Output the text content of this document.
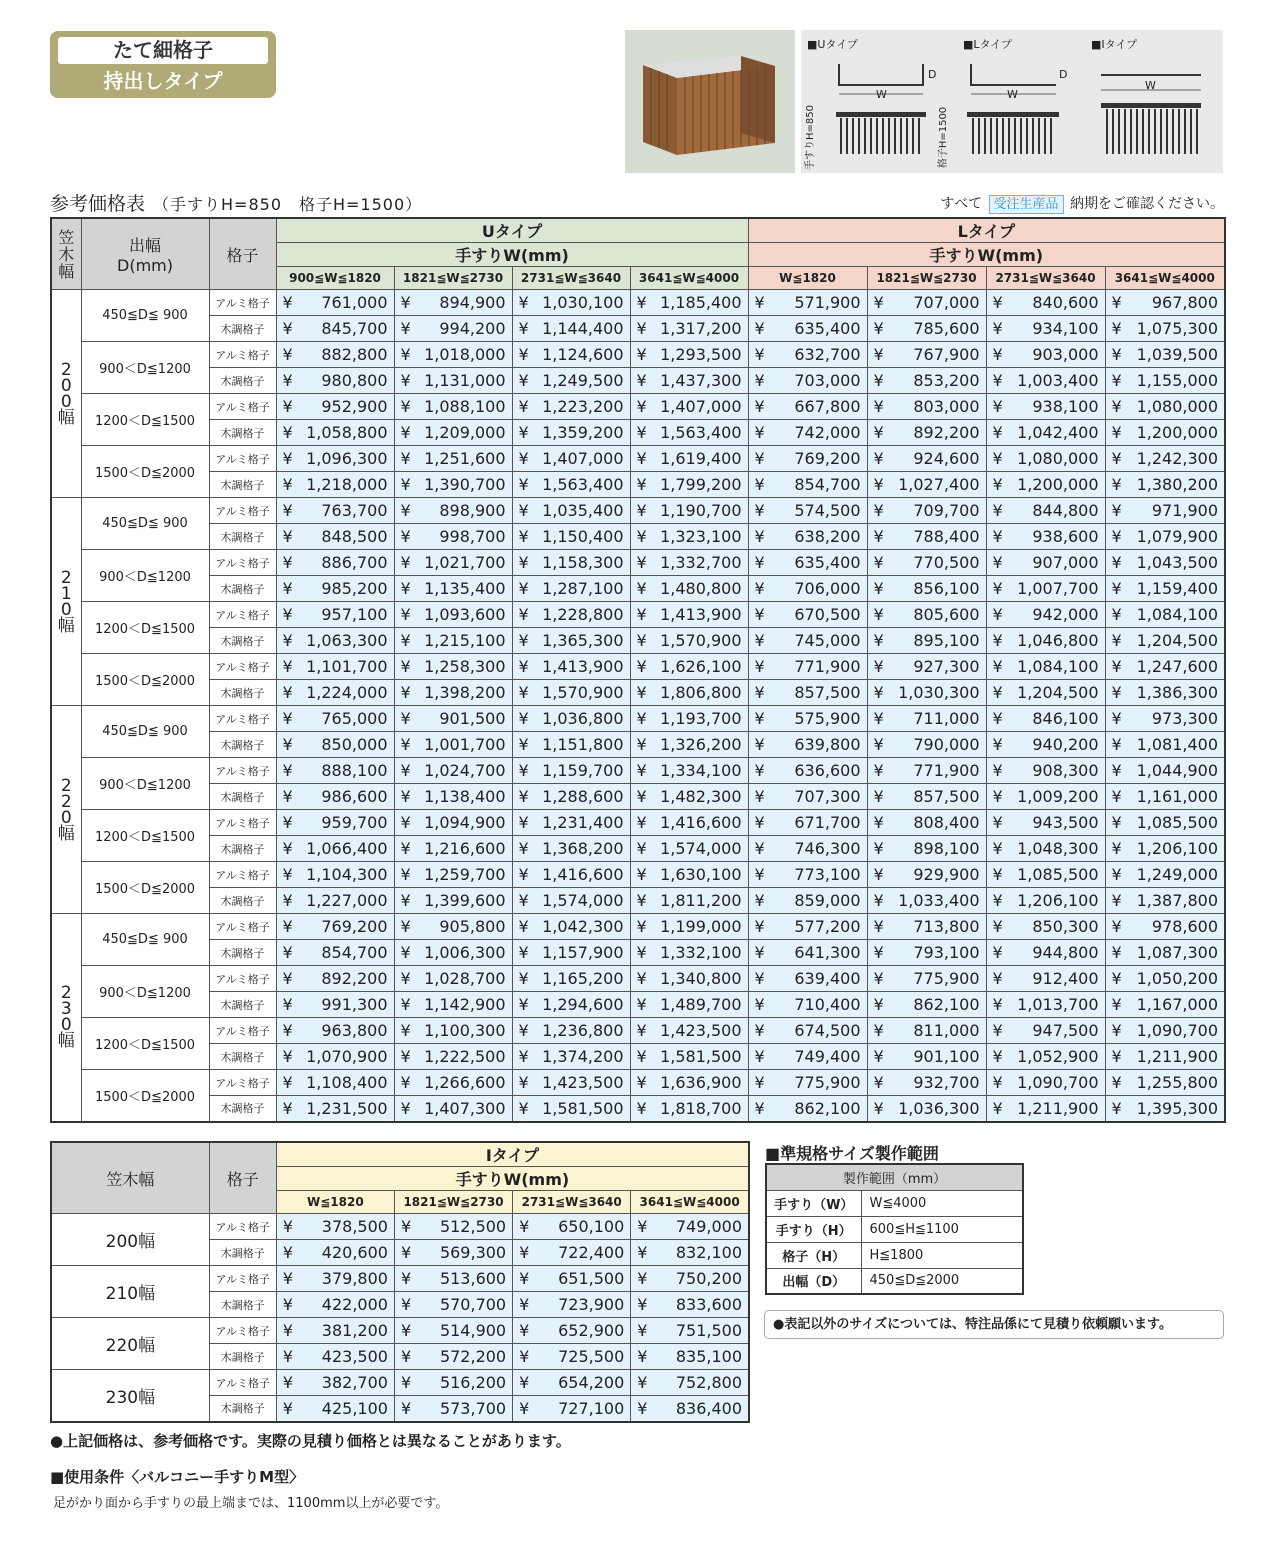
たて細格子
持出しタイプ
■Uタイプ	■Lタイプ	■Ⅰタイプ
W
D
W
D
W
手すりH=850	格子H=1500
参考価格表 （手すりH=850　格子H=1500）	すべて 受注生産品 納期をご確認ください。
笠木幅	出幅
D(mm)	格子	Uタイプ				Lタイプ			
			手すりW(mm)				手すりW(mm)			
			900≦W≦1820	1821≦W≦2730	2731≦W≦3640	3641≦W≦4000	W≦1820	1821≦W≦2730	2731≦W≦3640	3641≦W≦4000

200幅	450≦D≦ 900	アルミ格子	¥ 761,000	¥ 894,900	¥ 1,030,100	¥ 1,185,400	¥ 571,900	¥ 707,000	¥ 840,600	¥ 967,800

		木調格子	¥ 845,700	¥ 994,200	¥ 1,144,400	¥ 1,317,200	¥ 635,400	¥ 785,600	¥ 934,100	¥ 1,075,300

	900＜D≦1200	アルミ格子	¥ 882,800	¥ 1,018,000	¥ 1,124,600	¥ 1,293,500	¥ 632,700	¥ 767,900	¥ 903,000	¥ 1,039,500

		木調格子	¥ 980,800	¥ 1,131,000	¥ 1,249,500	¥ 1,437,300	¥ 703,000	¥ 853,200	¥ 1,003,400	¥ 1,155,000

	1200＜D≦1500	アルミ格子	¥ 952,900	¥ 1,088,100	¥ 1,223,200	¥ 1,407,000	¥ 667,800	¥ 803,000	¥ 938,100	¥ 1,080,000

		木調格子	¥ 1,058,800	¥ 1,209,000	¥ 1,359,200	¥ 1,563,400	¥ 742,000	¥ 892,200	¥ 1,042,400	¥ 1,200,000

	1500＜D≦2000	アルミ格子	¥ 1,096,300	¥ 1,251,600	¥ 1,407,000	¥ 1,619,400	¥ 769,200	¥ 924,600	¥ 1,080,000	¥ 1,242,300

		木調格子	¥ 1,218,000	¥ 1,390,700	¥ 1,563,400	¥ 1,799,200	¥ 854,700	¥ 1,027,400	¥ 1,200,000	¥ 1,380,200

210幅	450≦D≦ 900	アルミ格子	¥ 763,700	¥ 898,900	¥ 1,035,400	¥ 1,190,700	¥ 574,500	¥ 709,700	¥ 844,800	¥ 971,900

		木調格子	¥ 848,500	¥ 998,700	¥ 1,150,400	¥ 1,323,100	¥ 638,200	¥ 788,400	¥ 938,600	¥ 1,079,900

	900＜D≦1200	アルミ格子	¥ 886,700	¥ 1,021,700	¥ 1,158,300	¥ 1,332,700	¥ 635,400	¥ 770,500	¥ 907,000	¥ 1,043,500

		木調格子	¥ 985,200	¥ 1,135,400	¥ 1,287,100	¥ 1,480,800	¥ 706,000	¥ 856,100	¥ 1,007,700	¥ 1,159,400

	1200＜D≦1500	アルミ格子	¥ 957,100	¥ 1,093,600	¥ 1,228,800	¥ 1,413,900	¥ 670,500	¥ 805,600	¥ 942,000	¥ 1,084,100

		木調格子	¥ 1,063,300	¥ 1,215,100	¥ 1,365,300	¥ 1,570,900	¥ 745,000	¥ 895,100	¥ 1,046,800	¥ 1,204,500

	1500＜D≦2000	アルミ格子	¥ 1,101,700	¥ 1,258,300	¥ 1,413,900	¥ 1,626,100	¥ 771,900	¥ 927,300	¥ 1,084,100	¥ 1,247,600

		木調格子	¥ 1,224,000	¥ 1,398,200	¥ 1,570,900	¥ 1,806,800	¥ 857,500	¥ 1,030,300	¥ 1,204,500	¥ 1,386,300

220幅	450≦D≦ 900	アルミ格子	¥ 765,000	¥ 901,500	¥ 1,036,800	¥ 1,193,700	¥ 575,900	¥ 711,000	¥ 846,100	¥ 973,300

		木調格子	¥ 850,000	¥ 1,001,700	¥ 1,151,800	¥ 1,326,200	¥ 639,800	¥ 790,000	¥ 940,200	¥ 1,081,400

	900＜D≦1200	アルミ格子	¥ 888,100	¥ 1,024,700	¥ 1,159,700	¥ 1,334,100	¥ 636,600	¥ 771,900	¥ 908,300	¥ 1,044,900

		木調格子	¥ 986,600	¥ 1,138,400	¥ 1,288,600	¥ 1,482,300	¥ 707,300	¥ 857,500	¥ 1,009,200	¥ 1,161,000

	1200＜D≦1500	アルミ格子	¥ 959,700	¥ 1,094,900	¥ 1,231,400	¥ 1,416,600	¥ 671,700	¥ 808,400	¥ 943,500	¥ 1,085,500

		木調格子	¥ 1,066,400	¥ 1,216,600	¥ 1,368,200	¥ 1,574,000	¥ 746,300	¥ 898,100	¥ 1,048,300	¥ 1,206,100

	1500＜D≦2000	アルミ格子	¥ 1,104,300	¥ 1,259,700	¥ 1,416,600	¥ 1,630,100	¥ 773,100	¥ 929,900	¥ 1,085,500	¥ 1,249,000

		木調格子	¥ 1,227,000	¥ 1,399,600	¥ 1,574,000	¥ 1,811,200	¥ 859,000	¥ 1,033,400	¥ 1,206,100	¥ 1,387,800

230幅	450≦D≦ 900	アルミ格子	¥ 769,200	¥ 905,800	¥ 1,042,300	¥ 1,199,000	¥ 577,200	¥ 713,800	¥ 850,300	¥ 978,600

		木調格子	¥ 854,700	¥ 1,006,300	¥ 1,157,900	¥ 1,332,100	¥ 641,300	¥ 793,100	¥ 944,800	¥ 1,087,300

	900＜D≦1200	アルミ格子	¥ 892,200	¥ 1,028,700	¥ 1,165,200	¥ 1,340,800	¥ 639,400	¥ 775,900	¥ 912,400	¥ 1,050,200

		木調格子	¥ 991,300	¥ 1,142,900	¥ 1,294,600	¥ 1,489,700	¥ 710,400	¥ 862,100	¥ 1,013,700	¥ 1,167,000

	1200＜D≦1500	アルミ格子	¥ 963,800	¥ 1,100,300	¥ 1,236,800	¥ 1,423,500	¥ 674,500	¥ 811,000	¥ 947,500	¥ 1,090,700

		木調格子	¥ 1,070,900	¥ 1,222,500	¥ 1,374,200	¥ 1,581,500	¥ 749,400	¥ 901,100	¥ 1,052,900	¥ 1,211,900

	1500＜D≦2000	アルミ格子	¥ 1,108,400	¥ 1,266,600	¥ 1,423,500	¥ 1,636,900	¥ 775,900	¥ 932,700	¥ 1,090,700	¥ 1,255,800

		木調格子	¥ 1,231,500	¥ 1,407,300	¥ 1,581,500	¥ 1,818,700	¥ 862,100	¥ 1,036,300	¥ 1,211,900	¥ 1,395,300
笠木幅	格子	Ⅰタイプ			
		手すりW(mm)			
		W≦1820	1821≦W≦2730	2731≦W≦3640	3641≦W≦4000
200幅	アルミ格子	¥ 378,500	¥ 512,500	¥ 650,100	¥ 749,000

	木調格子	¥ 420,600	¥ 569,300	¥ 722,400	¥ 832,100

210幅	アルミ格子	¥ 379,800	¥ 513,600	¥ 651,500	¥ 750,200

	木調格子	¥ 422,000	¥ 570,700	¥ 723,900	¥ 833,600

220幅	アルミ格子	¥ 381,200	¥ 514,900	¥ 652,900	¥ 751,500

	木調格子	¥ 423,500	¥ 572,200	¥ 725,500	¥ 835,100

230幅	アルミ格子	¥ 382,700	¥ 516,200	¥ 654,200	¥ 752,800

	木調格子	¥ 425,100	¥ 573,700	¥ 727,100	¥ 836,400
■準規格サイズ製作範囲
製作範囲（mm）	
手すり（W）	W≦4000
手すり（H）	600≦H≦1100
格子（H）	H≦1800
出幅（D）	450≦D≦2000
●表記以外のサイズについては、特注品係にて見積り依頼願います。
●上記価格は、参考価格です。実際の見積り価格とは異なることがあります。
■使用条件〈バルコニー手すりM型〉
足がかり面から手すりの最上端までは、1100mm以上が必要です。
